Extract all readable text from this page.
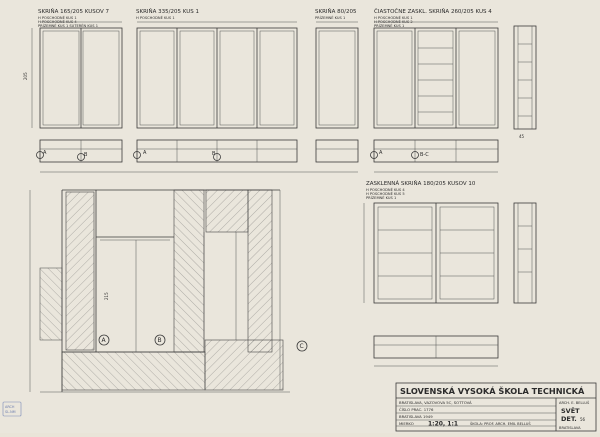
SKRIŇA 165/205 KUSOV 7
H POSCHODNÉ KUS 1
H POSCHODNÉ KUS 4
PRÍZEMNÉ KUS 1 SUTERÉN KUS 1
SKRIŇA 335/205 KUS 1
H POSCHODNÉ KUS 1
SKRIŇA 80/205
PRÍZEMNÉ KUS 1
ČIASTOČNE ZASKL. SKRIŇA 260/205 KUS 4
H POSCHODNÉ KUS 1
H POSCHODNÉ KUS 2
PRÍZEMNÉ KUS 1
205
45
A	B	A	B	A	B-C
215
A	B
C
ZASKLENNÁ SKRIŇA 180/205 KUSOV 10
H POSCHODNÉ KUS 4
H POSCHODNÉ KUS 5
PRÍZEMNÉ KUS 1
SLOVENSKÁ VYSOKÁ ŠKOLA TECHNICKÁ
BRATISLAVA, VAZOVOVA 5C, SOTTOVÁ
ČÍSLO PRAC. 1776
BRATISLAVA 1949
MIERKO 1:20, 1:1	ŠKOLA: PROF. ARCH. EMIL BELLUŠ
ARCH. E. BELLUŠ
SVĚT
DET. 56
BRATISLAVA
ARCH
SL.NM
